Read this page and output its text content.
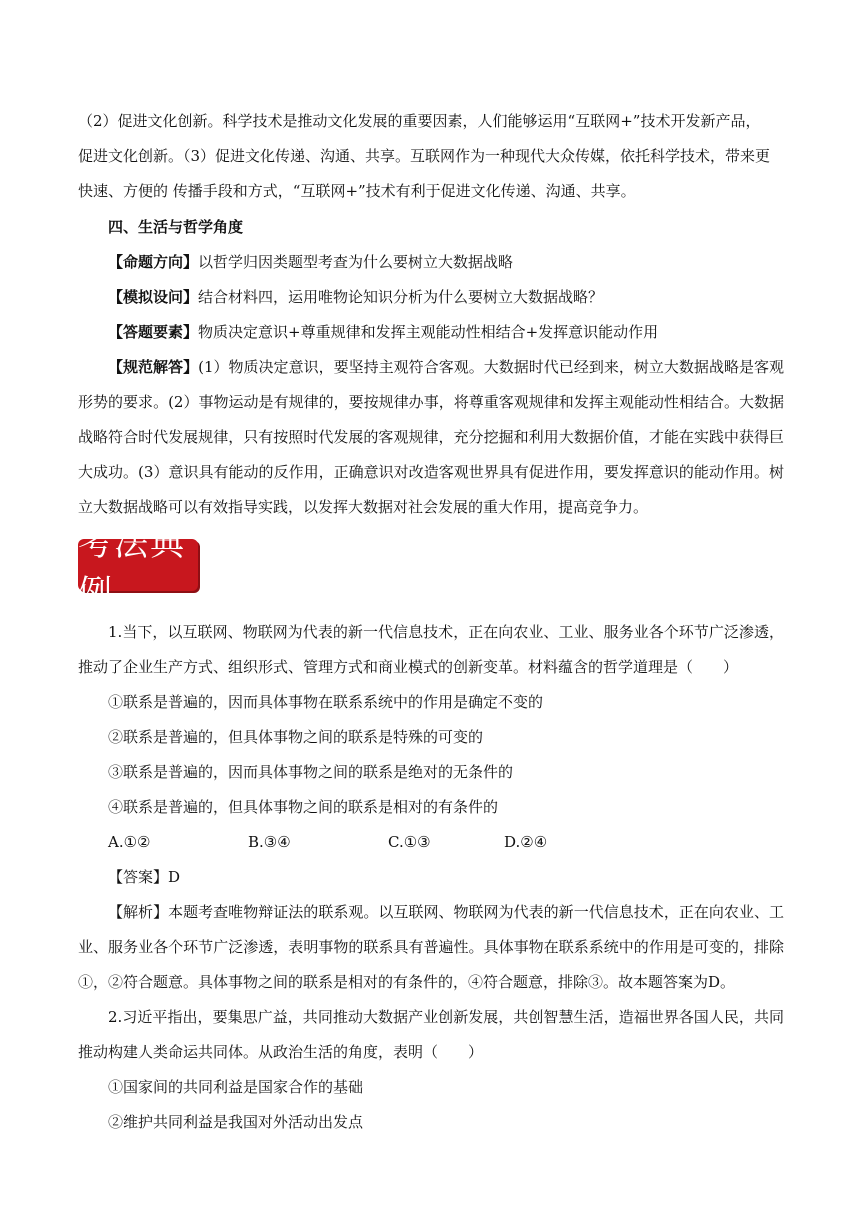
（2）促进文化创新。科学技术是推动文化发展的重要因素，人们能够运用“互联网+”技术开发新产品，
促进文化创新。（3）促进文化传递、沟通、共享。互联网作为一种现代大众传媒，依托科学技术，带来更
快速、方便的 传播手段和方式，“互联网+”技术有利于促进文化传递、沟通、共享。

四、生活与哲学角度

【命题方向】以哲学归因类题型考查为什么要树立大数据战略

【模拟设问】结合材料四，运用唯物论知识分析为什么要树立大数据战略？

【答题要素】物质决定意识+尊重规律和发挥主观能动性相结合+发挥意识能动作用

【规范解答】(1）物质决定意识，要坚持主观符合客观。大数据时代已经到来，树立大数据战略是客观形势的要求。(2）事物运动是有规律的，要按规律办事，将尊重客观规律和发挥主观能动性相结合。大数据战略符合时代发展规律，只有按照时代发展的客观规律，充分挖掘和利用大数据价值，才能在实践中获得巨大成功。(3）意识具有能动的反作用，正确意识对改造客观世界具有促进作用，要发挥意识的能动作用。树立大数据战略可以有效指导实践，以发挥大数据对社会发展的重大作用，提高竞争力。

考法典例

1.当下，以互联网、物联网为代表的新一代信息技术，正在向农业、工业、服务业各个环节广泛渗透，推动了企业生产方式、组织形式、管理方式和商业模式的创新变革。材料蕴含的哲学道理是（　　）

①联系是普遍的，因而具体事物在联系系统中的作用是确定不变的

②联系是普遍的，但具体事物之间的联系是特殊的可变的

③联系是普遍的，因而具体事物之间的联系是绝对的无条件的

④联系是普遍的，但具体事物之间的联系是相对的有条件的

A.①②	B.③④	C.①③	D.②④

【答案】D

【解析】本题考查唯物辩证法的联系观。以互联网、物联网为代表的新一代信息技术，正在向农业、工业、服务业各个环节广泛渗透，表明事物的联系具有普遍性。具体事物在联系系统中的作用是可变的，排除①，②符合题意。具体事物之间的联系是相对的有条件的，④符合题意，排除③。故本题答案为D。

2.习近平指出，要集思广益，共同推动大数据产业创新发展，共创智慧生活，造福世界各国人民，共同推动构建人类命运共同体。从政治生活的角度，表明（　　）

①国家间的共同利益是国家合作的基础

②维护共同利益是我国对外活动出发点
